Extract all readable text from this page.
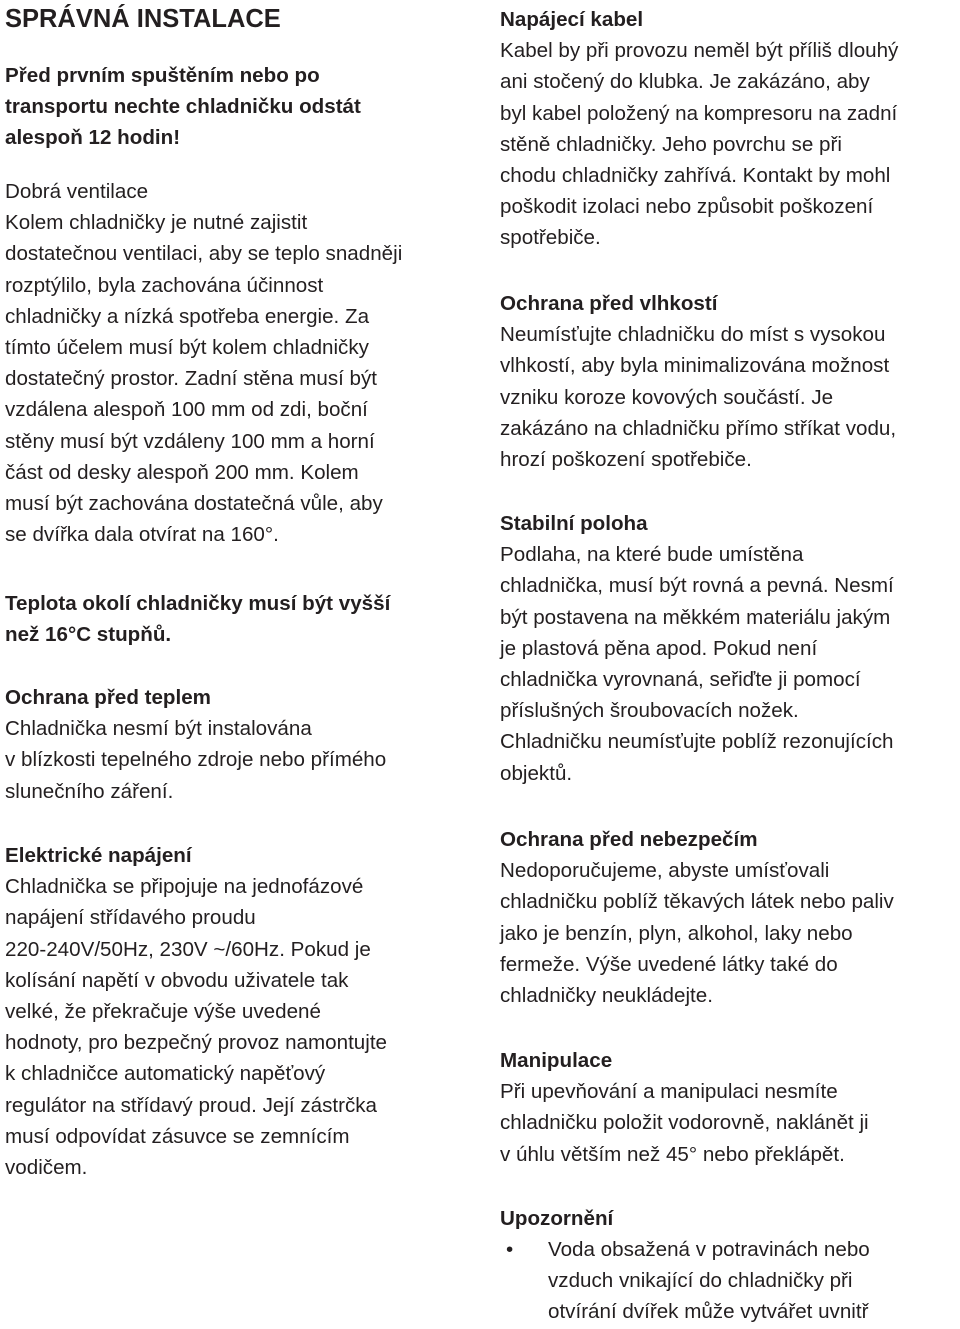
SPRÁVNÁ INSTALACE
Před prvním spuštěním nebo po
transportu nechte chladničku odstát
alespoň 12 hodin!
Dobrá ventilace
Kolem chladničky je nutné zajistit
dostatečnou ventilaci, aby se teplo snadněji
rozptýlilo, byla zachována účinnost
chladničky a nízká spotřeba energie. Za
tímto účelem musí být kolem chladničky
dostatečný prostor. Zadní stěna musí být
vzdálena alespoň 100 mm od zdi, boční
stěny musí být vzdáleny 100 mm a horní
část od desky alespoň 200 mm. Kolem
musí být zachována dostatečná vůle, aby
se dvířka dala otvírat na 160°.
Teplota okolí chladničky musí být vyšší
než 16°C stupňů.
Ochrana před teplem
Chladnička nesmí být instalována
v blízkosti tepelného zdroje nebo přímého
slunečního záření.
Elektrické napájení
Chladnička se připojuje na jednofázové
napájení střídavého proudu
220-240V/50Hz, 230V ~/60Hz. Pokud je
kolísání napětí v obvodu uživatele tak
velké, že překračuje výše uvedené
hodnoty, pro bezpečný provoz namontujte
k chladničce automatický napěťový
regulátor na střídavý proud. Její zástrčka
musí odpovídat zásuvce se zemnícím
vodičem.
Napájecí kabel
Kabel by při provozu neměl být příliš dlouhý
ani stočený do klubka. Je zakázáno, aby
byl kabel položený na kompresoru na zadní
stěně chladničky. Jeho povrchu se při
chodu chladničky zahřívá. Kontakt by mohl
poškodit izolaci nebo způsobit poškození
spotřebiče.
Ochrana před vlhkostí
Neumísťujte chladničku do míst s vysokou
vlhkostí, aby byla minimalizována možnost
vzniku koroze kovových součástí. Je
zakázáno na chladničku přímo stříkat vodu,
hrozí poškození spotřebiče.
Stabilní poloha
Podlaha, na které bude umístěna
chladnička, musí být rovná a pevná. Nesmí
být postavena na měkkém materiálu jakým
je plastová pěna apod. Pokud není
chladnička vyrovnaná, seřiďte ji pomocí
příslušných šroubovacích nožek.
Chladničku neumísťujte poblíž rezonujících
objektů.
Ochrana před nebezpečím
Nedoporučujeme, abyste umísťovali
chladničku poblíž těkavých látek nebo paliv
jako je benzín, plyn, alkohol, laky nebo
fermeže. Výše uvedené látky také do
chladničky neukládejte.
Manipulace
Při upevňování a manipulaci nesmíte
chladničku položit vodorovně, naklánět ji
v úhlu větším než 45° nebo překlápět.
Upozornění
• Voda obsažená v potravinách nebo
vzduch vnikající do chladničky při
otvírání dvířek může vytvářet uvnitř
